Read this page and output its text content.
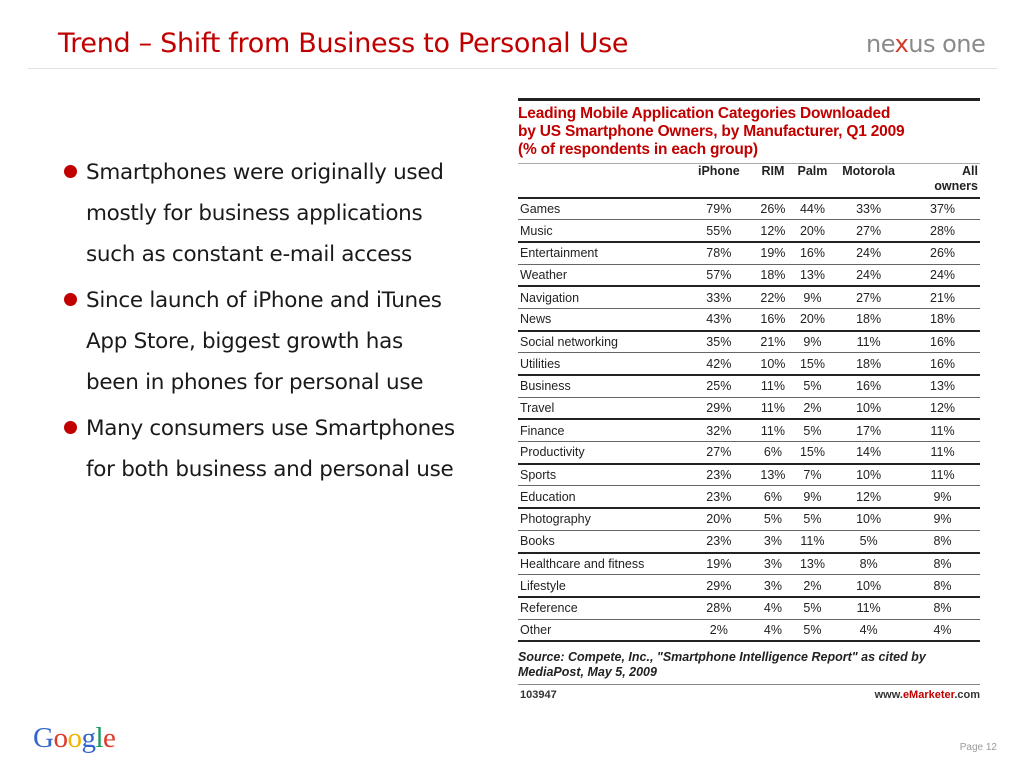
Trend – Shift from Business to Personal Use	nexus one
Smartphones were originally used
mostly for business applications
such as constant e-mail access
Since launch of iPhone and iTunes
App Store, biggest growth has
been in phones for personal use
Many consumers use Smartphones
for both business and personal use
Leading Mobile Application Categories Downloaded
by US Smartphone Owners, by Manufacturer, Q1 2009
(% of respondents in each group)
	iPhone	RIM	Palm	Motorola	All
owners
Games	79%	26%	44%	33%	37%
Music	55%	12%	20%	27%	28%
Entertainment	78%	19%	16%	24%	26%
Weather	57%	18%	13%	24%	24%
Navigation	33%	22%	9%	27%	21%
News	43%	16%	20%	18%	18%
Social networking	35%	21%	9%	11%	16%
Utilities	42%	10%	15%	18%	16%
Business	25%	11%	5%	16%	13%
Travel	29%	11%	2%	10%	12%
Finance	32%	11%	5%	17%	11%
Productivity	27%	6%	15%	14%	11%
Sports	23%	13%	7%	10%	11%
Education	23%	6%	9%	12%	9%
Photography	20%	5%	5%	10%	9%
Books	23%	3%	11%	5%	8%
Healthcare and fitness	19%	3%	13%	8%	8%
Lifestyle	29%	3%	2%	10%	8%
Reference	28%	4%	5%	11%	8%
Other	2%	4%	5%	4%	4%
Source: Compete, Inc., "Smartphone Intelligence Report" as cited by
MediaPost, May 5, 2009
103947	www.eMarketer.com
Google	Page 12
